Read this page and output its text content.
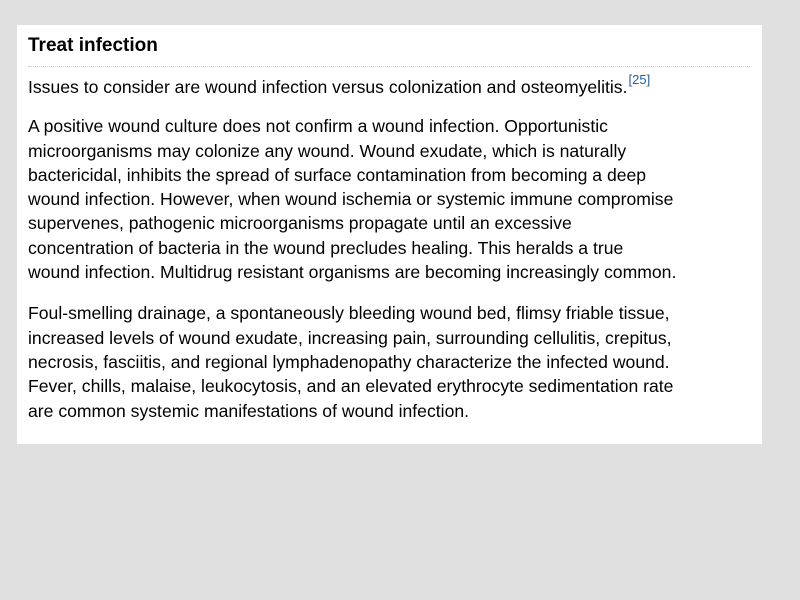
Treat infection

Issues to consider are wound infection versus colonization and osteomyelitis.[25]

A positive wound culture does not confirm a wound infection. Opportunistic
microorganisms may colonize any wound. Wound exudate, which is naturally
bactericidal, inhibits the spread of surface contamination from becoming a deep
wound infection. However, when wound ischemia or systemic immune compromise
supervenes, pathogenic microorganisms propagate until an excessive
concentration of bacteria in the wound precludes healing. This heralds a true
wound infection. Multidrug resistant organisms are becoming increasingly common.

Foul-smelling drainage, a spontaneously bleeding wound bed, flimsy friable tissue,
increased levels of wound exudate, increasing pain, surrounding cellulitis, crepitus,
necrosis, fasciitis, and regional lymphadenopathy characterize the infected wound.
Fever, chills, malaise, leukocytosis, and an elevated erythrocyte sedimentation rate
are common systemic manifestations of wound infection.
